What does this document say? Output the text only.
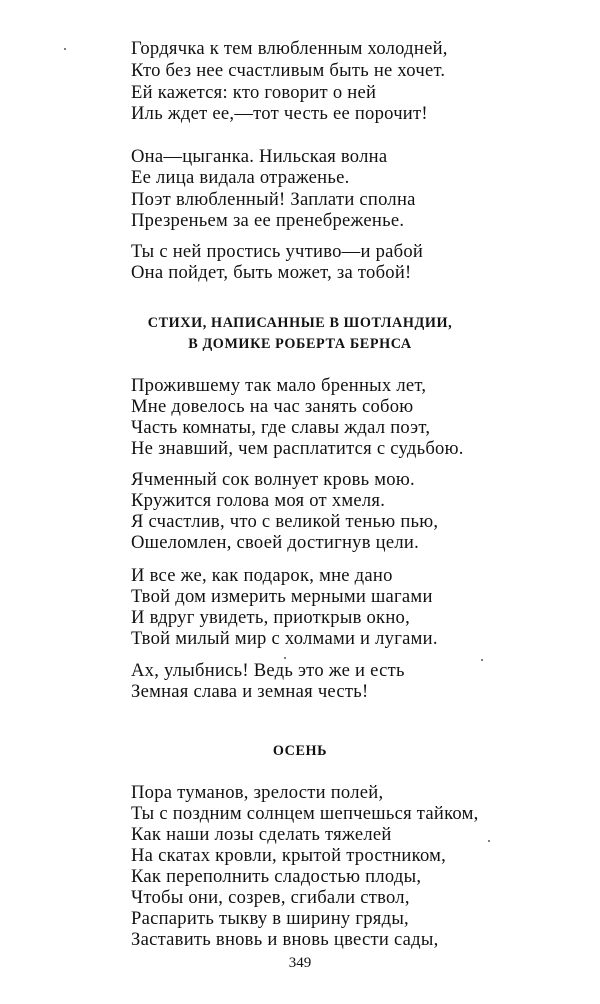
Гордячка к тем влюбленным холодней,
Кто без нее счастливым быть не хочет.
Ей кажется: кто говорит о ней
Иль ждет ее,—тот честь ее порочит!
Она—цыганка. Нильская волна
Ее лица видала отраженье.
Поэт влюбленный! Заплати сполна
Презреньем за ее пренебреженье.
Ты с ней простись учтиво—и рабой
Она пойдет, быть может, за тобой!
СТИХИ, НАПИСАННЫЕ В ШОТЛАНДИИ,
В ДОМИКЕ РОБЕРТА БЕРНСА
Прожившему так мало бренных лет,
Мне довелось на час занять собою
Часть комнаты, где славы ждал поэт,
Не знавший, чем расплатится с судьбою.
Ячменный сок волнует кровь мою.
Кружится голова моя от хмеля.
Я счастлив, что с великой тенью пью,
Ошеломлен, своей достигнув цели.
И все же, как подарок, мне дано
Твой дом измерить мерными шагами
И вдруг увидеть, приоткрыв окно,
Твой милый мир с холмами и лугами.
Ах, улыбнись! Ведь это же и есть
Земная слава и земная честь!
ОСЕНЬ
Пора туманов, зрелости полей,
Ты с поздним солнцем шепчешься тайком,
Как наши лозы сделать тяжелей
На скатах кровли, крытой тростником,
Как переполнить сладостью плоды,
Чтобы они, созрев, сгибали ствол,
Распарить тыкву в ширину гряды,
Заставить вновь и вновь цвести сады,
349
